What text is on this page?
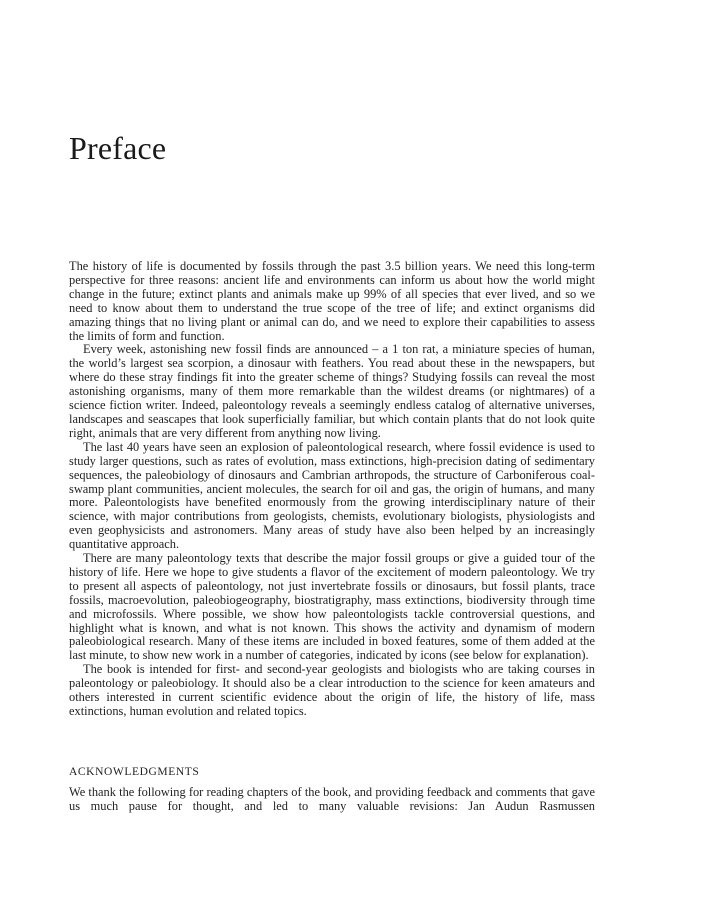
Preface

The history of life is documented by fossils through the past 3.5 billion years. We need this long-term perspective for three reasons: ancient life and environments can inform us about how the world might change in the future; extinct plants and animals make up 99% of all species that ever lived, and so we need to know about them to understand the true scope of the tree of life; and extinct organisms did amazing things that no living plant or animal can do, and we need to explore their capabilities to assess the limits of form and function.

Every week, astonishing new fossil finds are announced – a 1 ton rat, a miniature species of human, the world’s largest sea scorpion, a dinosaur with feathers. You read about these in the newspapers, but where do these stray findings fit into the greater scheme of things? Studying fossils can reveal the most astonishing organisms, many of them more remarkable than the wildest dreams (or nightmares) of a science fiction writer. Indeed, paleontology reveals a seemingly endless catalog of alternative universes, landscapes and seascapes that look superficially familiar, but which contain plants that do not look quite right, animals that are very different from anything now living.

The last 40 years have seen an explosion of paleontological research, where fossil evidence is used to study larger questions, such as rates of evolution, mass extinctions, high-precision dating of sedimentary sequences, the paleobiology of dinosaurs and Cambrian arthropods, the structure of Carboniferous coal-swamp plant communities, ancient molecules, the search for oil and gas, the origin of humans, and many more. Paleontologists have benefited enormously from the growing interdisciplinary nature of their science, with major contributions from geologists, chemists, evolutionary biologists, physiologists and even geophysicists and astronomers. Many areas of study have also been helped by an increasingly quantitative approach.

There are many paleontology texts that describe the major fossil groups or give a guided tour of the history of life. Here we hope to give students a flavor of the excitement of modern paleontology. We try to present all aspects of paleontology, not just invertebrate fossils or dinosaurs, but fossil plants, trace fossils, macroevolution, paleobiogeography, biostratigraphy, mass extinctions, biodiversity through time and microfossils. Where possible, we show how paleontologists tackle controversial questions, and highlight what is known, and what is not known. This shows the activity and dynamism of modern paleobiological research. Many of these items are included in boxed features, some of them added at the last minute, to show new work in a number of categories, indicated by icons (see below for explanation).

The book is intended for first- and second-year geologists and biologists who are taking courses in paleontology or paleobiology. It should also be a clear introduction to the science for keen amateurs and others interested in current scientific evidence about the origin of life, the history of life, mass extinctions, human evolution and related topics.

ACKNOWLEDGMENTS

We thank the following for reading chapters of the book, and providing feedback and comments that gave us much pause for thought, and led to many valuable revisions: Jan Audun Rasmussen
